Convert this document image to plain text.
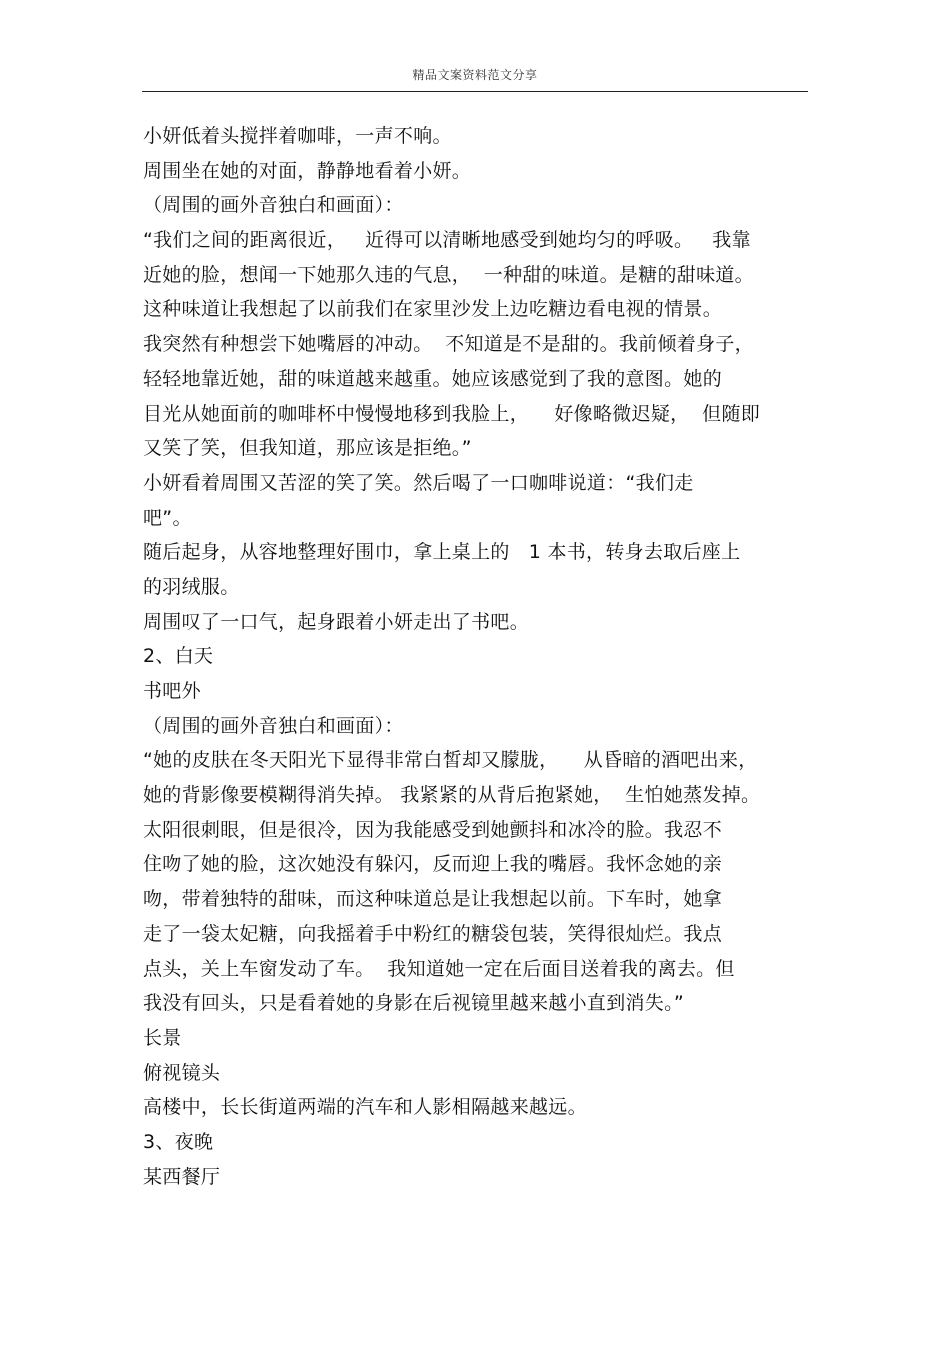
精品文案资料范文分享
小妍低着头搅拌着咖啡，一声不响。
周围坐在她的对面，静静地看着小妍。
（周围的画外音独白和画面）：
“我们之间的距离很近，   近得可以清晰地感受到她均匀的呼吸。   我靠
近她的脸，想闻一下她那久违的气息，  一种甜的味道。是糖的甜味道。
这种味道让我想起了以前我们在家里沙发上边吃糖边看电视的情景。
我突然有种想尝下她嘴唇的冲动。  不知道是不是甜的。我前倾着身子，
轻轻地靠近她，甜的味道越来越重。她应该感觉到了我的意图。她的
目光从她面前的咖啡杯中慢慢地移到我脸上，    好像略微迟疑，  但随即
又笑了笑，但我知道，那应该是拒绝。”
小妍看着周围又苦涩的笑了笑。然后喝了一口咖啡说道：“我们走
吧”。
随后起身，从容地整理好围巾，拿上桌上的   1 本书，转身去取后座上
的羽绒服。
周围叹了一口气，起身跟着小妍走出了书吧。
2、白天
书吧外
（周围的画外音独白和画面）：
“她的皮肤在冬天阳光下显得非常白皙却又朦胧，    从昏暗的酒吧出来，
她的背影像要模糊得消失掉。 我紧紧的从背后抱紧她，  生怕她蒸发掉。
太阳很刺眼，但是很冷，因为我能感受到她颤抖和冰冷的脸。我忍不
住吻了她的脸，这次她没有躲闪，反而迎上我的嘴唇。我怀念她的亲
吻，带着独特的甜味，而这种味道总是让我想起以前。下车时，她拿
走了一袋太妃糖，向我摇着手中粉红的糖袋包装，笑得很灿烂。我点
点头，关上车窗发动了车。  我知道她一定在后面目送着我的离去。但
我没有回头，只是看着她的身影在后视镜里越来越小直到消失。”
长景
俯视镜头
高楼中，长长街道两端的汽车和人影相隔越来越远。
3、夜晚
某西餐厅
